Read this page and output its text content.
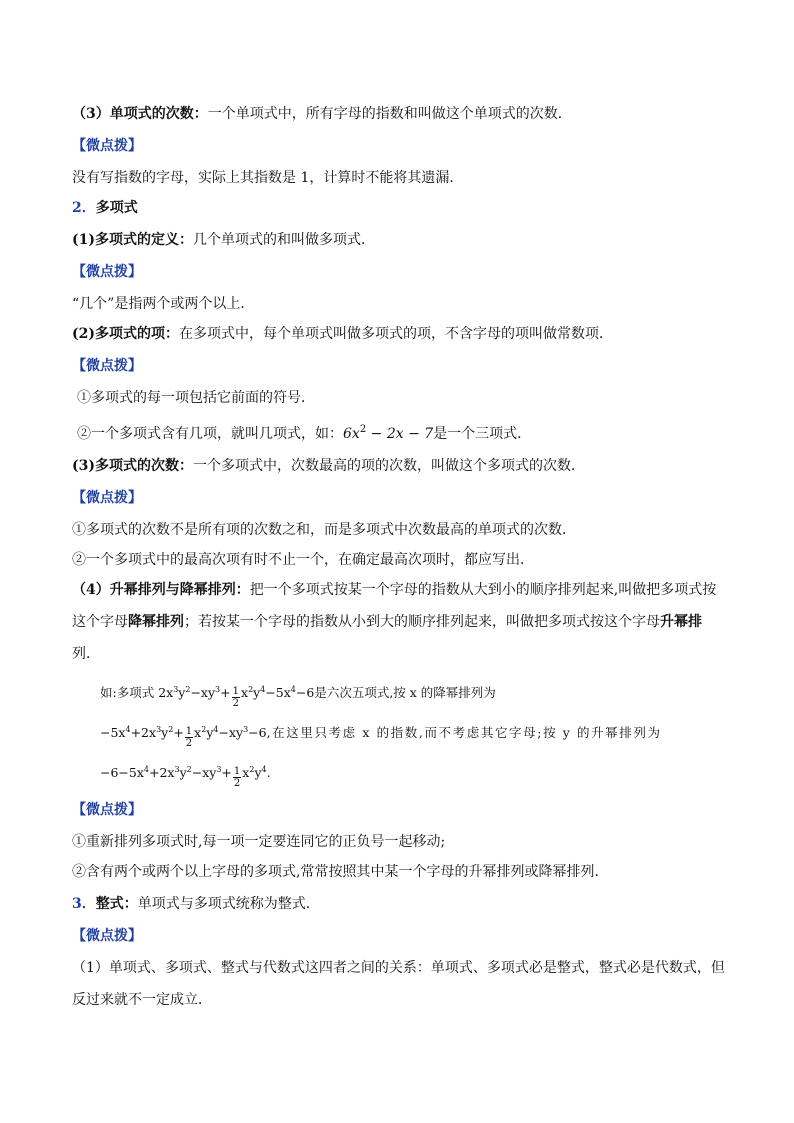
（3）单项式的次数：一个单项式中，所有字母的指数和叫做这个单项式的次数．
【微点拨】
没有写指数的字母，实际上其指数是 1，计算时不能将其遗漏．
2．多项式
(1)多项式的定义：几个单项式的和叫做多项式．
【微点拨】
“几个”是指两个或两个以上．
(2)多项式的项：在多项式中，每个单项式叫做多项式的项，不含字母的项叫做常数项．
【微点拨】
①多项式的每一项包括它前面的符号．
②一个多项式含有几项，就叫几项式，如：$6x^2 - 2x - 7$是一个三项式．
(3)多项式的次数：一个多项式中，次数最高的项的次数，叫做这个多项式的次数．
【微点拨】
①多项式的次数不是所有项的次数之和，而是多项式中次数最高的单项式的次数．
②一个多项式中的最高次项有时不止一个，在确定最高次项时，都应写出．
（4）升幂排列与降幂排列：把一个多项式按某一个字母的指数从大到小的顺序排列起来,叫做把多项式按
这个字母降幂排列；若按某一个字母的指数从小到大的顺序排列起来，叫做把多项式按这个字母升幂排
列．
如:多项式 $2x^3y^2-xy^3+ \frac{1}{2} x^2y^4-5x^4-6$是六次五项式,按 x 的降幂排列为
$-5x^4+2x^3y^2+ \frac{1}{2} x^2y^4-xy^3-6$,在这里只考虑 x 的指数,而不考虑其它字母;按 y 的升幂排列为
$-6-5x^4+2x^3y^2-xy^3+ \frac{1}{2} x^2y^4$.
【微点拨】
①重新排列多项式时,每一项一定要连同它的正负号一起移动;
②含有两个或两个以上字母的多项式,常常按照其中某一个字母的升幂排列或降幂排列．
3．整式：单项式与多项式统称为整式．
【微点拨】
（1）单项式、多项式、整式与代数式这四者之间的关系：单项式、多项式必是整式，整式必是代数式，但
反过来就不一定成立．
